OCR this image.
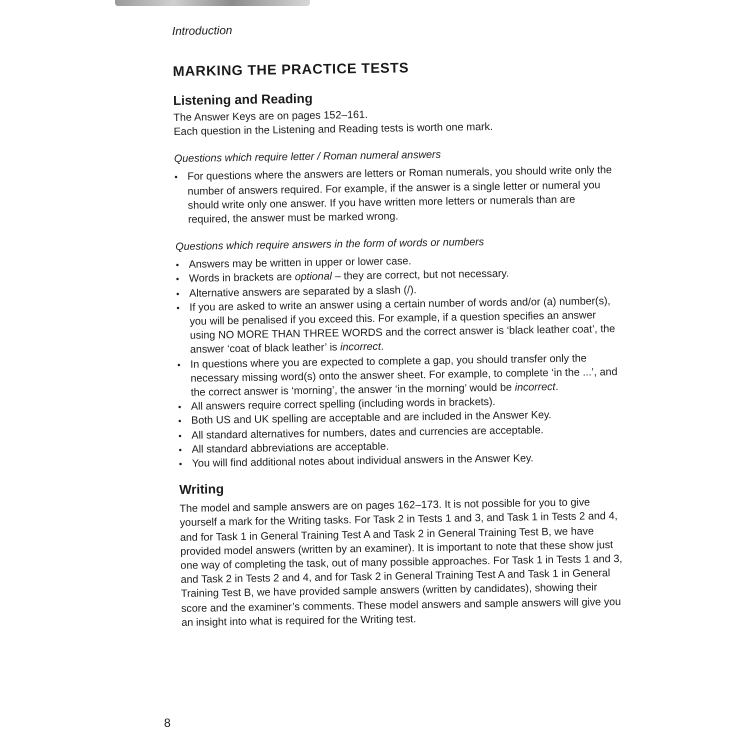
Introduction
MARKING THE PRACTICE TESTS
Listening and Reading

The Answer Keys are on pages 152–161.

Each question in the Listening and Reading tests is worth one mark.

Questions which require letter / Roman numeral answers

• For questions where the answers are letters or Roman numerals, you should write only the number of answers required. For example, if the answer is a single letter or numeral you should write only one answer. If you have written more letters or numerals than are required, the answer must be marked wrong.

Questions which require answers in the form of words or numbers

• Answers may be written in upper or lower case.
• Words in brackets are optional – they are correct, but not necessary.
• Alternative answers are separated by a slash (/).
• If you are asked to write an answer using a certain number of words and/or (a) number(s), you will be penalised if you exceed this. For example, if a question specifies an answer using NO MORE THAN THREE WORDS and the correct answer is ‘black leather coat’, the answer ‘coat of black leather’ is incorrect.
• In questions where you are expected to complete a gap, you should transfer only the necessary missing word(s) onto the answer sheet. For example, to complete ‘in the ...’, and the correct answer is ‘morning’, the answer ‘in the morning’ would be incorrect.
• All answers require correct spelling (including words in brackets).
• Both US and UK spelling are acceptable and are included in the Answer Key.
• All standard alternatives for numbers, dates and currencies are acceptable.
• All standard abbreviations are acceptable.
• You will find additional notes about individual answers in the Answer Key.
Writing

The model and sample answers are on pages 162–173. It is not possible for you to give yourself a mark for the Writing tasks. For Task 2 in Tests 1 and 3, and Task 1 in Tests 2 and 4, and for Task 1 in General Training Test A and Task 2 in General Training Test B, we have provided model answers (written by an examiner). It is important to note that these show just one way of completing the task, out of many possible approaches. For Task 1 in Tests 1 and 3, and Task 2 in Tests 2 and 4, and for Task 2 in General Training Test A and Task 1 in General Training Test B, we have provided sample answers (written by candidates), showing their score and the examiner’s comments. These model answers and sample answers will give you an insight into what is required for the Writing test.

8
